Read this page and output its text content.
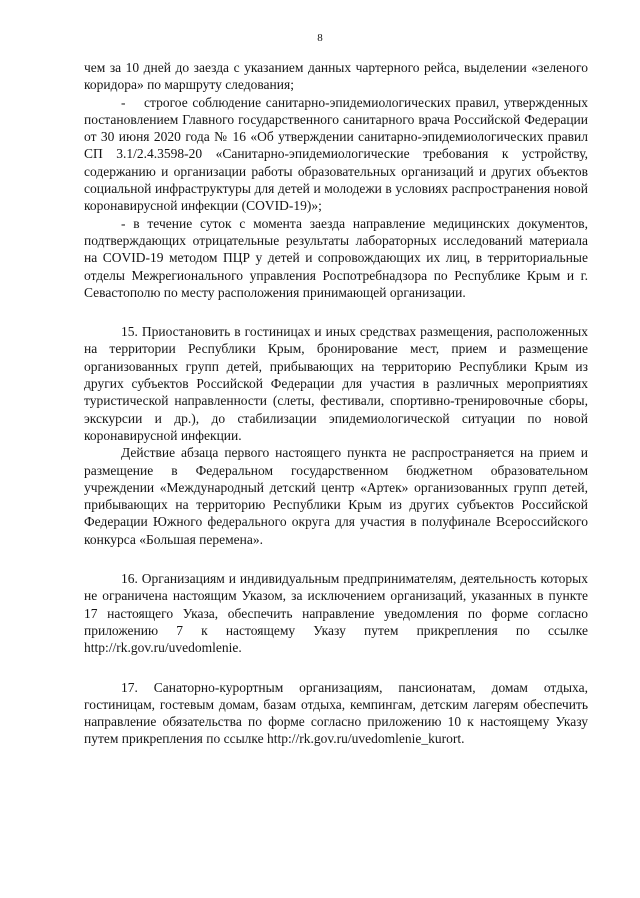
8

чем за 10 дней до заезда с указанием данных чартерного рейса, выделении «зеленого коридора» по маршруту следования;

-    строгое соблюдение санитарно-эпидемиологических правил, утвержденных постановлением Главного государственного санитарного врача Российской Федерации от 30 июня 2020 года № 16 «Об утверждении санитарно-эпидемиологических правил СП 3.1/2.4.3598-20 «Санитарно-эпидемиологические требования к устройству, содержанию и организации работы образовательных организаций и других объектов социальной инфраструктуры для детей и молодежи в условиях распространения новой коронавирусной инфекции (COVID-19)»;

- в течение суток с момента заезда направление медицинских документов, подтверждающих отрицательные результаты лабораторных исследований материала на COVID-19 методом ПЦР у детей и сопровождающих их лиц, в территориальные отделы Межрегионального управления Роспотребнадзора по Республике Крым и г. Севастополю по месту расположения принимающей организации.

15. Приостановить в гостиницах и иных средствах размещения, расположенных на территории Республики Крым, бронирование мест, прием и размещение организованных групп детей, прибывающих на территорию Республики Крым из других субъектов Российской Федерации для участия в различных мероприятиях туристической направленности (слеты, фестивали, спортивно-тренировочные сборы, экскурсии и др.), до стабилизации эпидемиологической ситуации по новой коронавирусной инфекции.

Действие абзаца первого настоящего пункта не распространяется на прием и размещение в Федеральном государственном бюджетном образовательном учреждении «Международный детский центр «Артек» организованных групп детей, прибывающих на территорию Республики Крым из других субъектов Российской Федерации Южного федерального округа для участия в полуфинале Всероссийского конкурса «Большая перемена».

16. Организациям и индивидуальным предпринимателям, деятельность которых не ограничена настоящим Указом, за исключением организаций, указанных в пункте 17 настоящего Указа, обеспечить направление уведомления по форме согласно приложению 7 к настоящему Указу путем прикрепления по ссылке http://rk.gov.ru/uvedomlenie.

17. Санаторно-курортным организациям, пансионатам, домам отдыха, гостиницам, гостевым домам, базам отдыха, кемпингам, детским лагерям обеспечить направление обязательства по форме согласно приложению 10 к настоящему Указу путем прикрепления по ссылке http://rk.gov.ru/uvedomlenie_kurort.
